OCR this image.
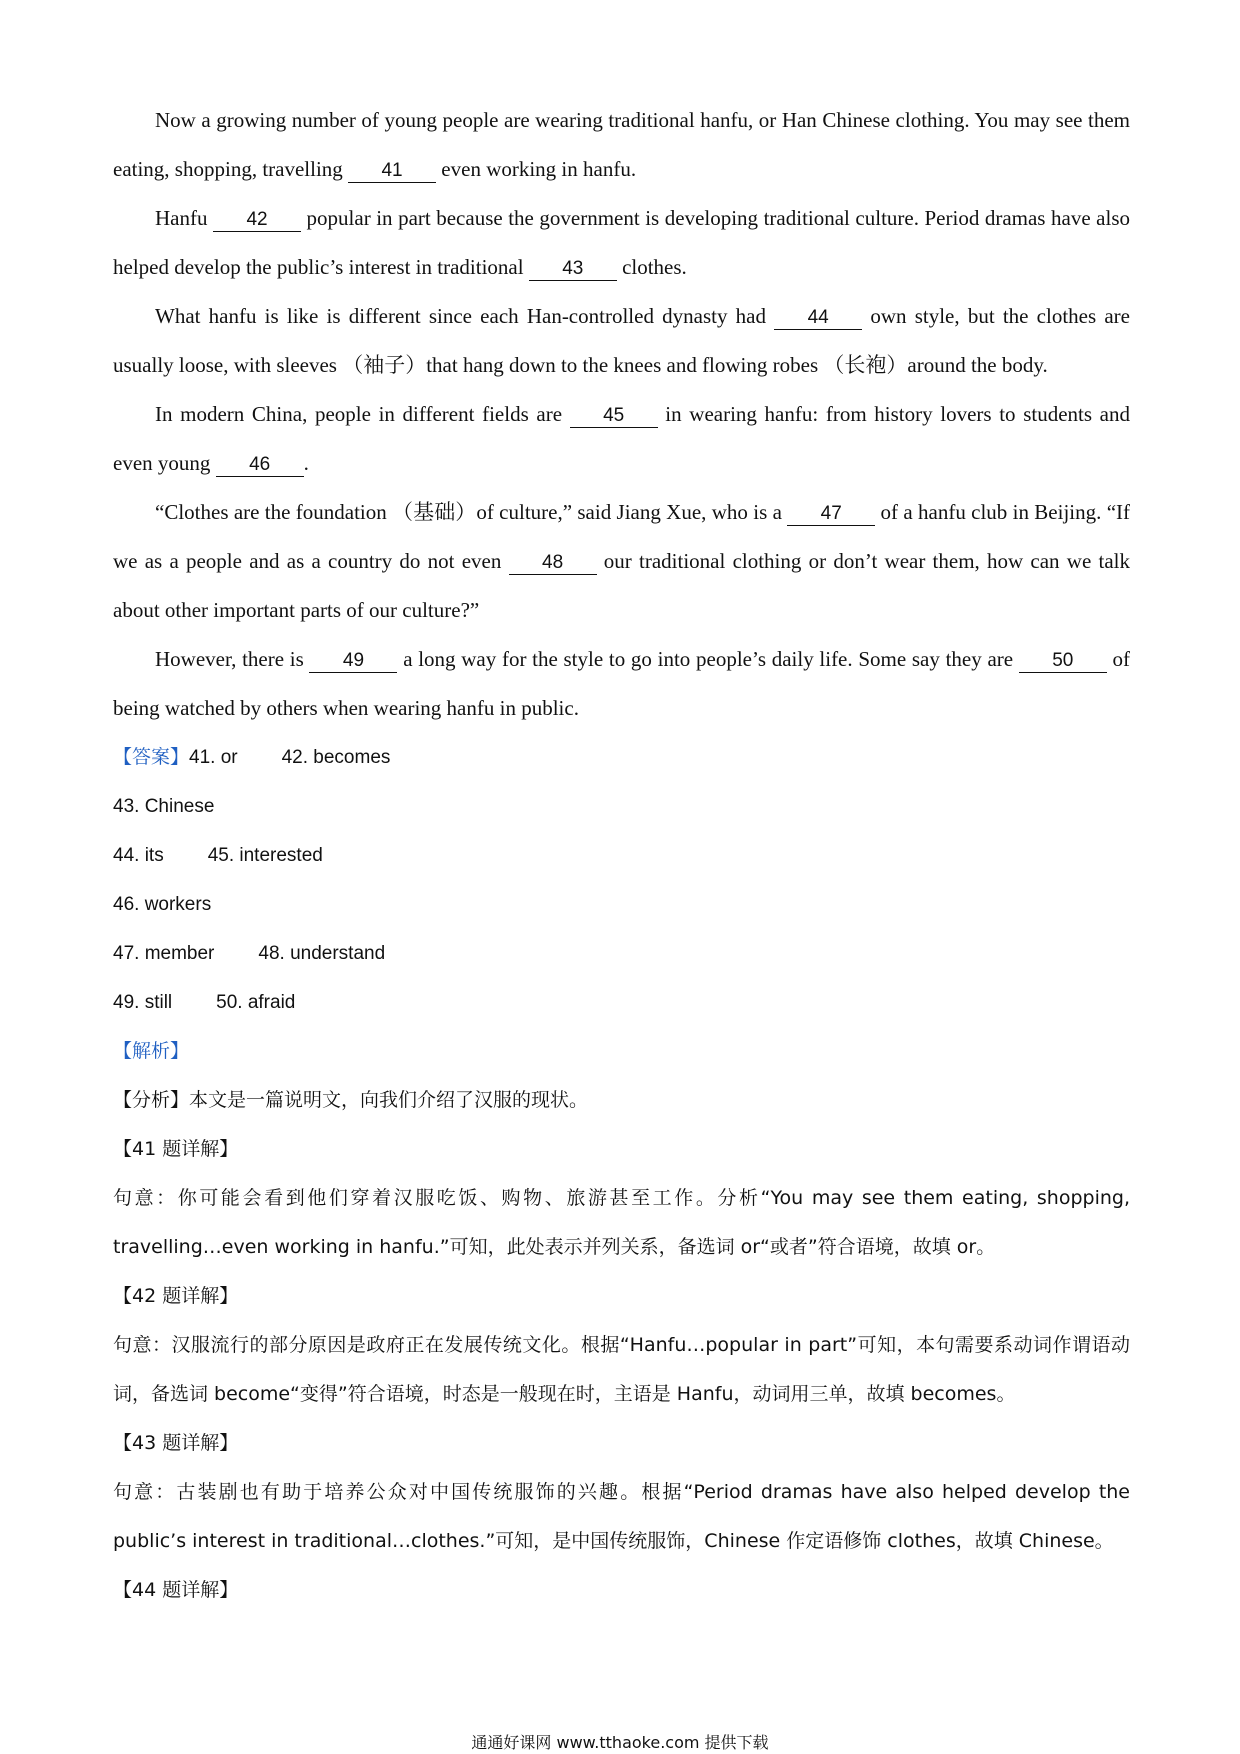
Now a growing number of young people are wearing traditional hanfu, or Han Chinese clothing. You may see them eating, shopping, travelling 41 even working in hanfu.

Hanfu 42 popular in part because the government is developing traditional culture. Period dramas have also helped develop the public’s interest in traditional 43 clothes.

What hanfu is like is different since each Han-controlled dynasty had 44 own style, but the clothes are usually loose, with sleeves （袖子）that hang down to the knees and flowing robes （长袍）around the body.

In modern China, people in different fields are 45 in wearing hanfu: from history lovers to students and even young 46 .

“Clothes are the foundation （基础）of culture,” said Jiang Xue, who is a 47 of a hanfu club in Beijing. “If we as a people and as a country do not even 48 our traditional clothing or don’t wear them, how can we talk about other important parts of our culture?”

However, there is 49 a long way for the style to go into people’s daily life. Some say they are 50 of being watched by others when wearing hanfu in public.

【答案】41. or 42. becomes
43. Chinese
44. its 45. interested
46. workers
47. member 48. understand
49. still 50. afraid
【解析】
【分析】本文是一篇说明文，向我们介绍了汉服的现状。
【41 题详解】
句意：你可能会看到他们穿着汉服吃饭、购物、旅游甚至工作。分析“You may see them eating, shopping, travelling…even working in hanfu.”可知，此处表示并列关系，备选词 or“或者”符合语境，故填 or。
【42 题详解】
句意：汉服流行的部分原因是政府正在发展传统文化。根据“Hanfu…popular in part”可知，本句需要系动词作谓语动词，备选词 become“变得”符合语境，时态是一般现在时，主语是 Hanfu，动词用三单，故填 becomes。
【43 题详解】
句意：古装剧也有助于培养公众对中国传统服饰的兴趣。根据“Period dramas have also helped develop the public’s interest in traditional…clothes.”可知，是中国传统服饰，Chinese 作定语修饰 clothes，故填 Chinese。
【44 题详解】
通通好课网 www.tthaoke.com 提供下载
